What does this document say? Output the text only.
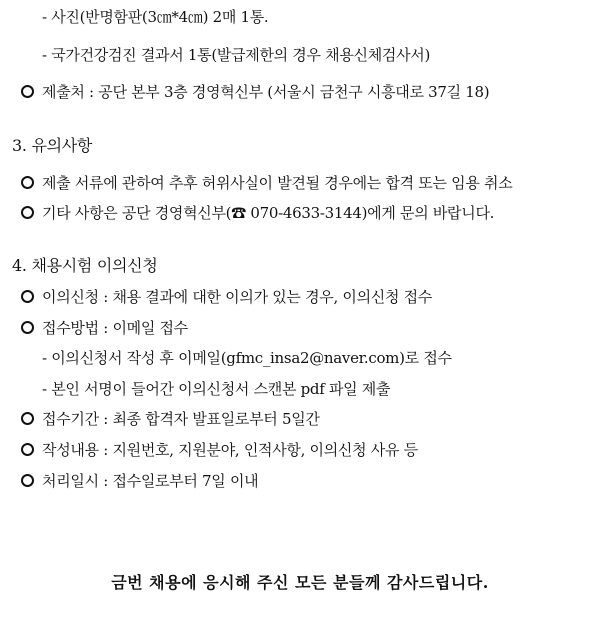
- 사진(반명함판(3㎝*4㎝) 2매 1통.
- 국가건강검진 결과서 1통(발급제한의 경우 채용신체검사서)
제출처 : 공단 본부 3층 경영혁신부 (서울시 금천구 시흥대로 37길 18)
3. 유의사항
제출 서류에 관하여 추후 허위사실이 발견될 경우에는 합격 또는 임용 취소
기타 사항은 공단 경영혁신부(☎ 070-4633-3144)에게 문의 바랍니다.
4. 채용시험 이의신청
이의신청 : 채용 결과에 대한 이의가 있는 경우, 이의신청 접수
접수방법 : 이메일 접수
- 이의신청서 작성 후 이메일(gfmc_insa2@naver.com)로 접수
- 본인 서명이 들어간 이의신청서 스캔본 pdf 파일 제출
접수기간 : 최종 합격자 발표일로부터 5일간
작성내용 : 지원번호, 지원분야, 인적사항, 이의신청 사유 등
처리일시 : 접수일로부터 7일 이내
금번 채용에 응시해 주신 모든 분들께 감사드립니다.
